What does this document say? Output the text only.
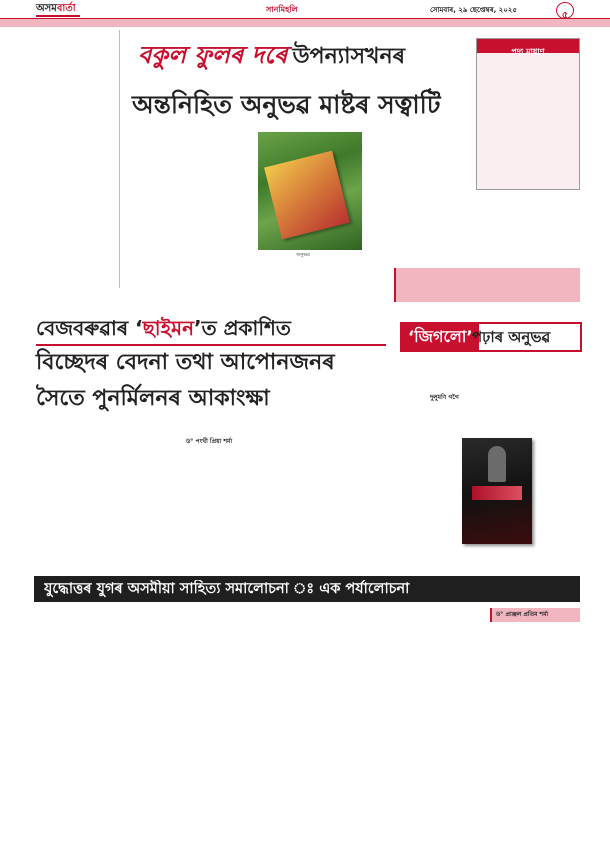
অসমবাৰ্তা	সানমিহলি	সোমবাৰ, ২৯ ছেপ্তেম্বৰ, ২০২৫	৫
বকুল ফুলৰ দৰে উপন্যাসখনৰ
অন্তনিহিত অনুভৱ মাষ্টৰ সত্বাটি
অনুভৱ
পদ্য মাধাণ
বেজবৰুৱাৰ ‘ছাইমন’ত প্ৰকাশিত
বিচ্ছেদৰ বেদনা তথা আপোনজনৰ
সৈতে পুনৰ্মিলনৰ আকাংক্ষা
ড° পংখী প্ৰিয়া শৰ্মা
‘জিগলো’ পঢ়াৰ অনুভৱ
দুলুমণি গগৈ
যুদ্ধোত্তৰ যুগৰ অসমীয়া সাহিত্য সমালোচনা ঃ এক পৰ্যালোচনা
ড° প্ৰাঞ্জল প্ৰতিম শৰ্মা
